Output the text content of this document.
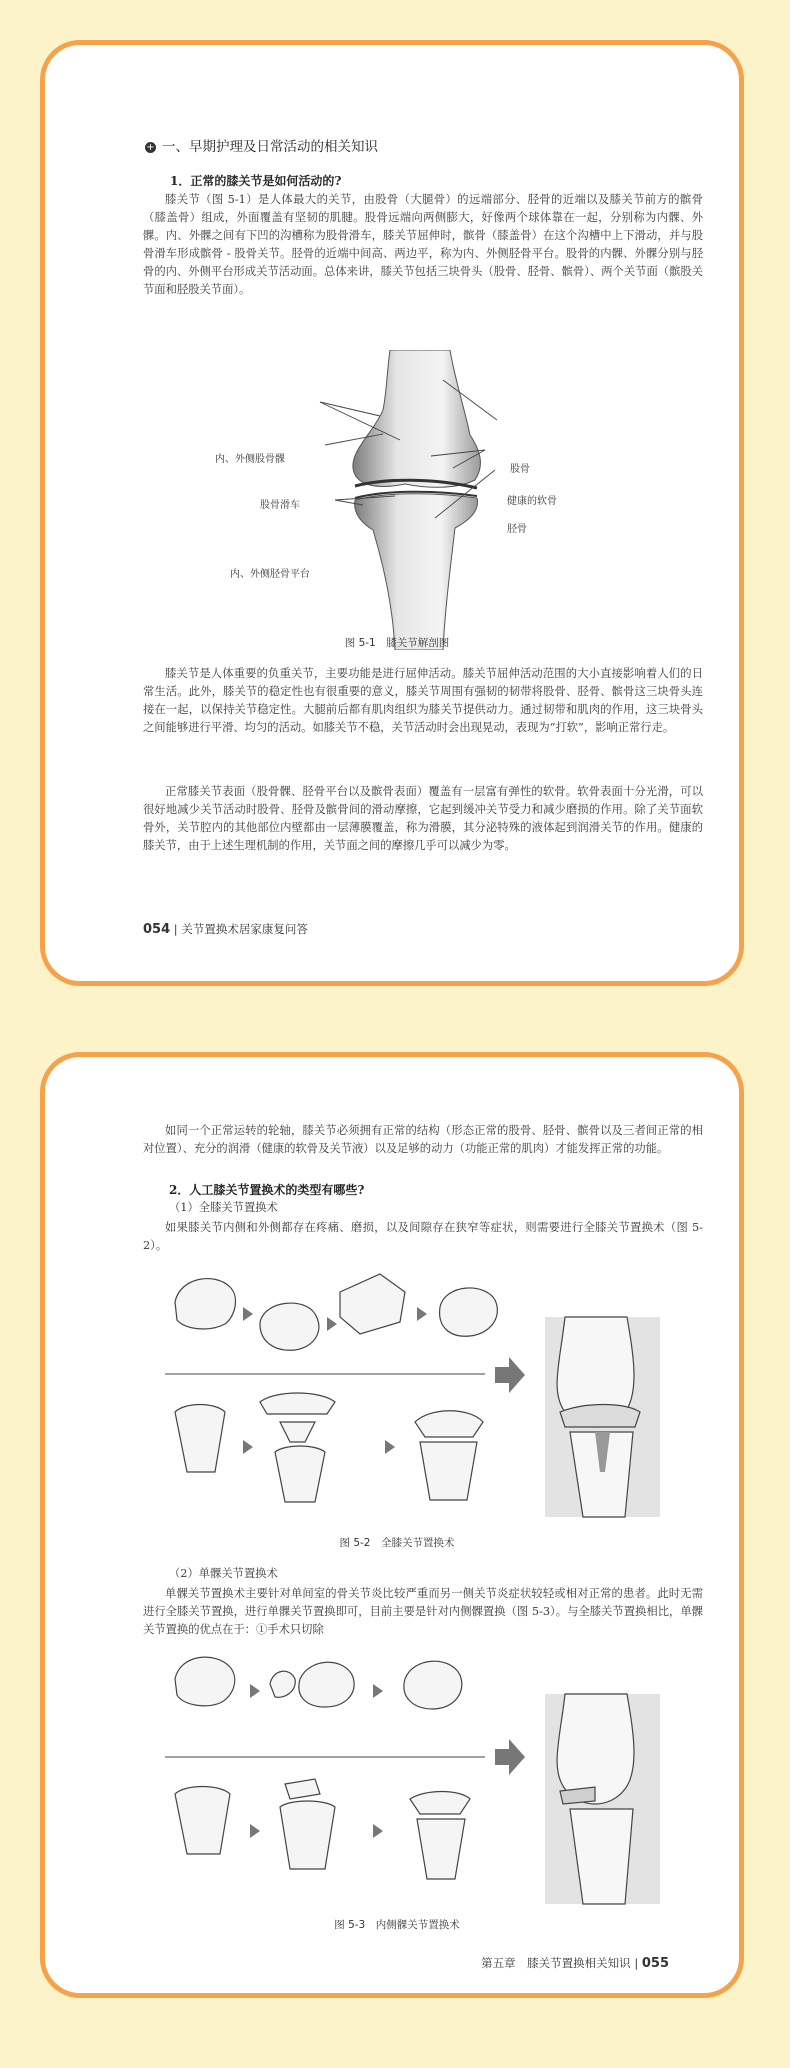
+ 一、早期护理及日常活动的相关知识
1．正常的膝关节是如何活动的?

膝关节（图 5-1）是人体最大的关节，由股骨（大腿骨）的远端部分、胫骨的近端以及膝关节前方的髌骨（膝盖骨）组成，外面覆盖有坚韧的肌腱。股骨远端向两侧膨大，好像两个球体靠在一起，分别称为内髁、外髁。内、外髁之间有下凹的沟槽称为股骨滑车，膝关节屈伸时，髌骨（膝盖骨）在这个沟槽中上下滑动，并与股骨滑车形成髌骨 - 股骨关节。胫骨的近端中间高、两边平，称为内、外侧胫骨平台。股骨的内髁、外髁分别与胫骨的内、外侧平台形成关节活动面。总体来讲，膝关节包括三块骨头（股骨、胫骨、髌骨）、两个关节面（髌股关节面和胫股关节面）。

内、外侧股骨髁
股骨
股骨滑车	健康的软骨
胫骨
内、外侧胫骨平台
图 5-1　膝关节解剖图

膝关节是人体重要的负重关节，主要功能是进行屈伸活动。膝关节屈伸活动范围的大小直接影响着人们的日常生活。此外，膝关节的稳定性也有很重要的意义，膝关节周围有强韧的韧带将股骨、胫骨、髌骨这三块骨头连接在一起，以保持关节稳定性。大腿前后都有肌肉组织为膝关节提供动力。通过韧带和肌肉的作用，这三块骨头之间能够进行平滑、均匀的活动。如膝关节不稳，关节活动时会出现晃动，表现为“打软”，影响正常行走。

正常膝关节表面（股骨髁、胫骨平台以及髌骨表面）覆盖有一层富有弹性的软骨。软骨表面十分光滑，可以很好地减少关节活动时股骨、胫骨及髌骨间的滑动摩擦，它起到缓冲关节受力和减少磨损的作用。除了关节面软骨外，关节腔内的其他部位内壁都由一层薄膜覆盖，称为滑膜，其分泌特殊的液体起到润滑关节的作用。健康的膝关节，由于上述生理机制的作用，关节面之间的摩擦几乎可以减少为零。

054 | 关节置换术居家康复问答

如同一个正常运转的轮轴，膝关节必须拥有正常的结构（形态正常的股骨、胫骨、髌骨以及三者间正常的相对位置）、充分的润滑（健康的软骨及关节液）以及足够的动力（功能正常的肌肉）才能发挥正常的功能。

2．人工膝关节置换术的类型有哪些?
（1）全膝关节置换术

如果膝关节内侧和外侧都存在疼痛、磨损，以及间隙存在狭窄等症状，则需要进行全膝关节置换术（图 5-2）。

图 5-2　全膝关节置换术
（2）单髁关节置换术

单髁关节置换术主要针对单间室的骨关节炎比较严重而另一侧关节炎症状较轻或相对正常的患者。此时无需进行全膝关节置换，进行单髁关节置换即可，目前主要是针对内侧髁置换（图 5-3）。与全膝关节置换相比，单髁关节置换的优点在于：①手术只切除

图 5-3　内侧髁关节置换术
第五章　膝关节置换相关知识 | 055
